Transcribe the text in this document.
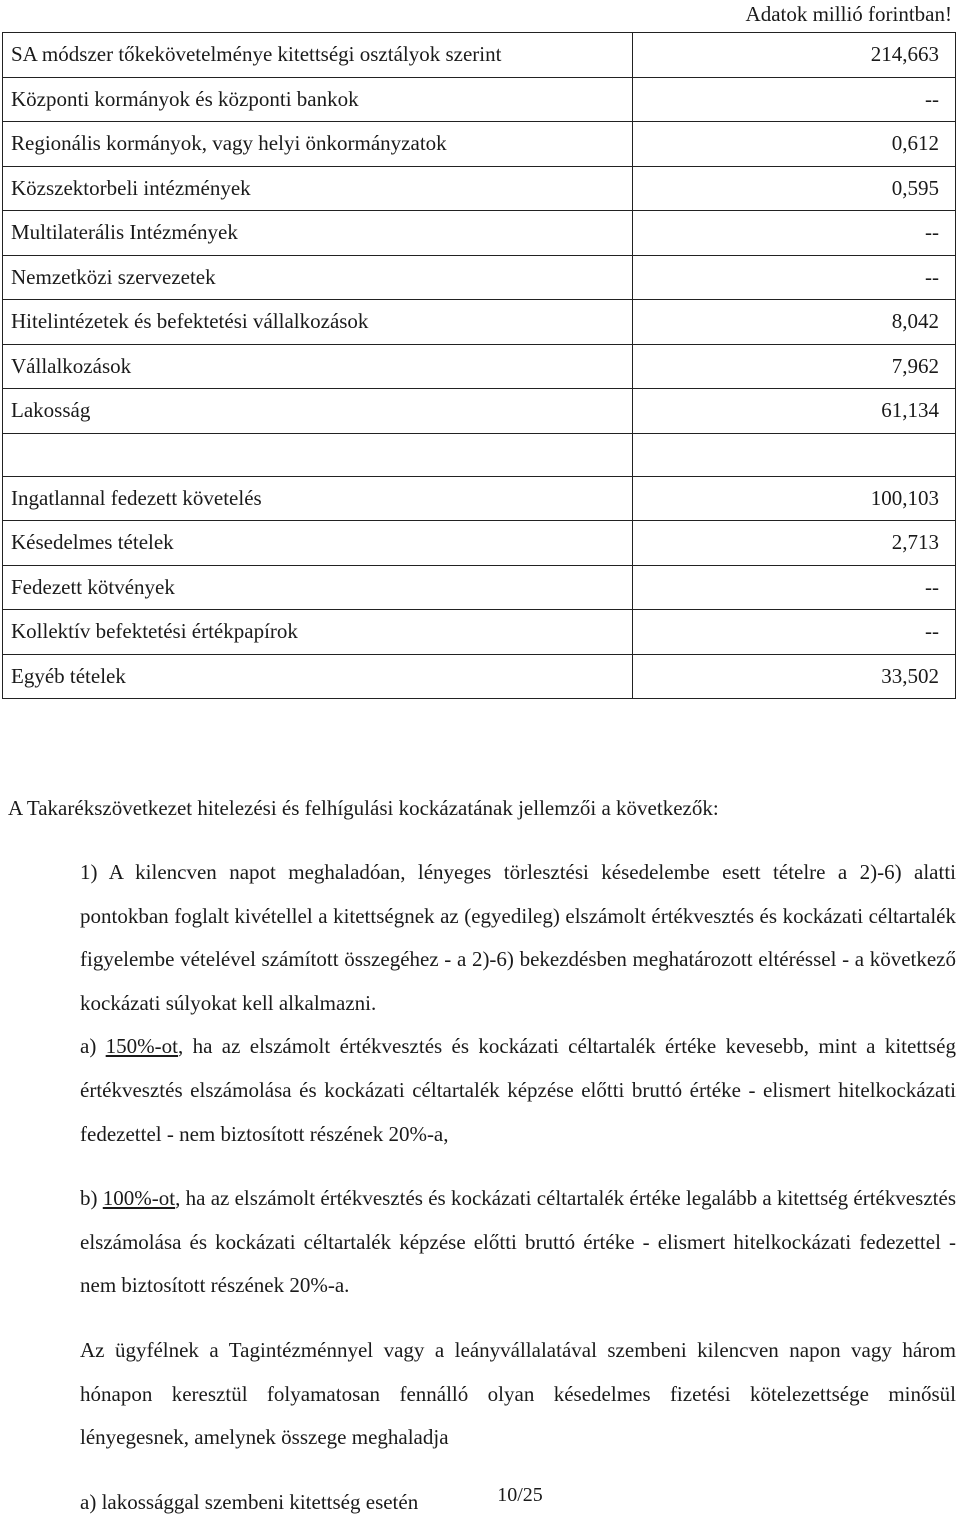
Adatok millió forintban!
SA módszer tőkekövetelménye kitettségi osztályok szerint	214,663
Központi kormányok és központi bankok	--
Regionális kormányok, vagy helyi önkormányzatok	0,612
Közszektorbeli intézmények	0,595
Multilaterális Intézmények	--
Nemzetközi szervezetek	--
Hitelintézetek és befektetési vállalkozások	8,042
Vállalkozások	7,962
Lakosság	61,134

Ingatlannal fedezett követelés	100,103
Késedelmes tételek	2,713
Fedezett kötvények	--
Kollektív befektetési értékpapírok	--
Egyéb tételek	33,502
A Takarékszövetkezet hitelezési és felhígulási kockázatának jellemzői a következők:

1) A kilencven napot meghaladóan, lényeges törlesztési késedelembe esett tételre a 2)-6) alatti pontokban foglalt kivétellel a kitettségnek az (egyedileg) elszámolt értékvesztés és kockázati céltartalék figyelembe vételével számított összegéhez - a 2)-6) bekezdésben meghatározott eltéréssel - a következő kockázati súlyokat kell alkalmazni.

a) 150%-ot, ha az elszámolt értékvesztés és kockázati céltartalék értéke kevesebb, mint a kitettség értékvesztés elszámolása és kockázati céltartalék képzése előtti bruttó értéke - elismert hitelkockázati fedezettel - nem biztosított részének 20%-a,

b) 100%-ot, ha az elszámolt értékvesztés és kockázati céltartalék értéke legalább a kitettség értékvesztés elszámolása és kockázati céltartalék képzése előtti bruttó értéke - elismert hitelkockázati fedezettel - nem biztosított részének 20%-a.

Az ügyfélnek a Tagintézménnyel vagy a leányvállalatával szembeni kilencven napon vagy három hónapon keresztül folyamatosan fennálló olyan késedelmes fizetési kötelezettsége minősül lényegesnek, amelynek összege meghaladja

a) lakossággal szembeni kitettség esetén	10/25
